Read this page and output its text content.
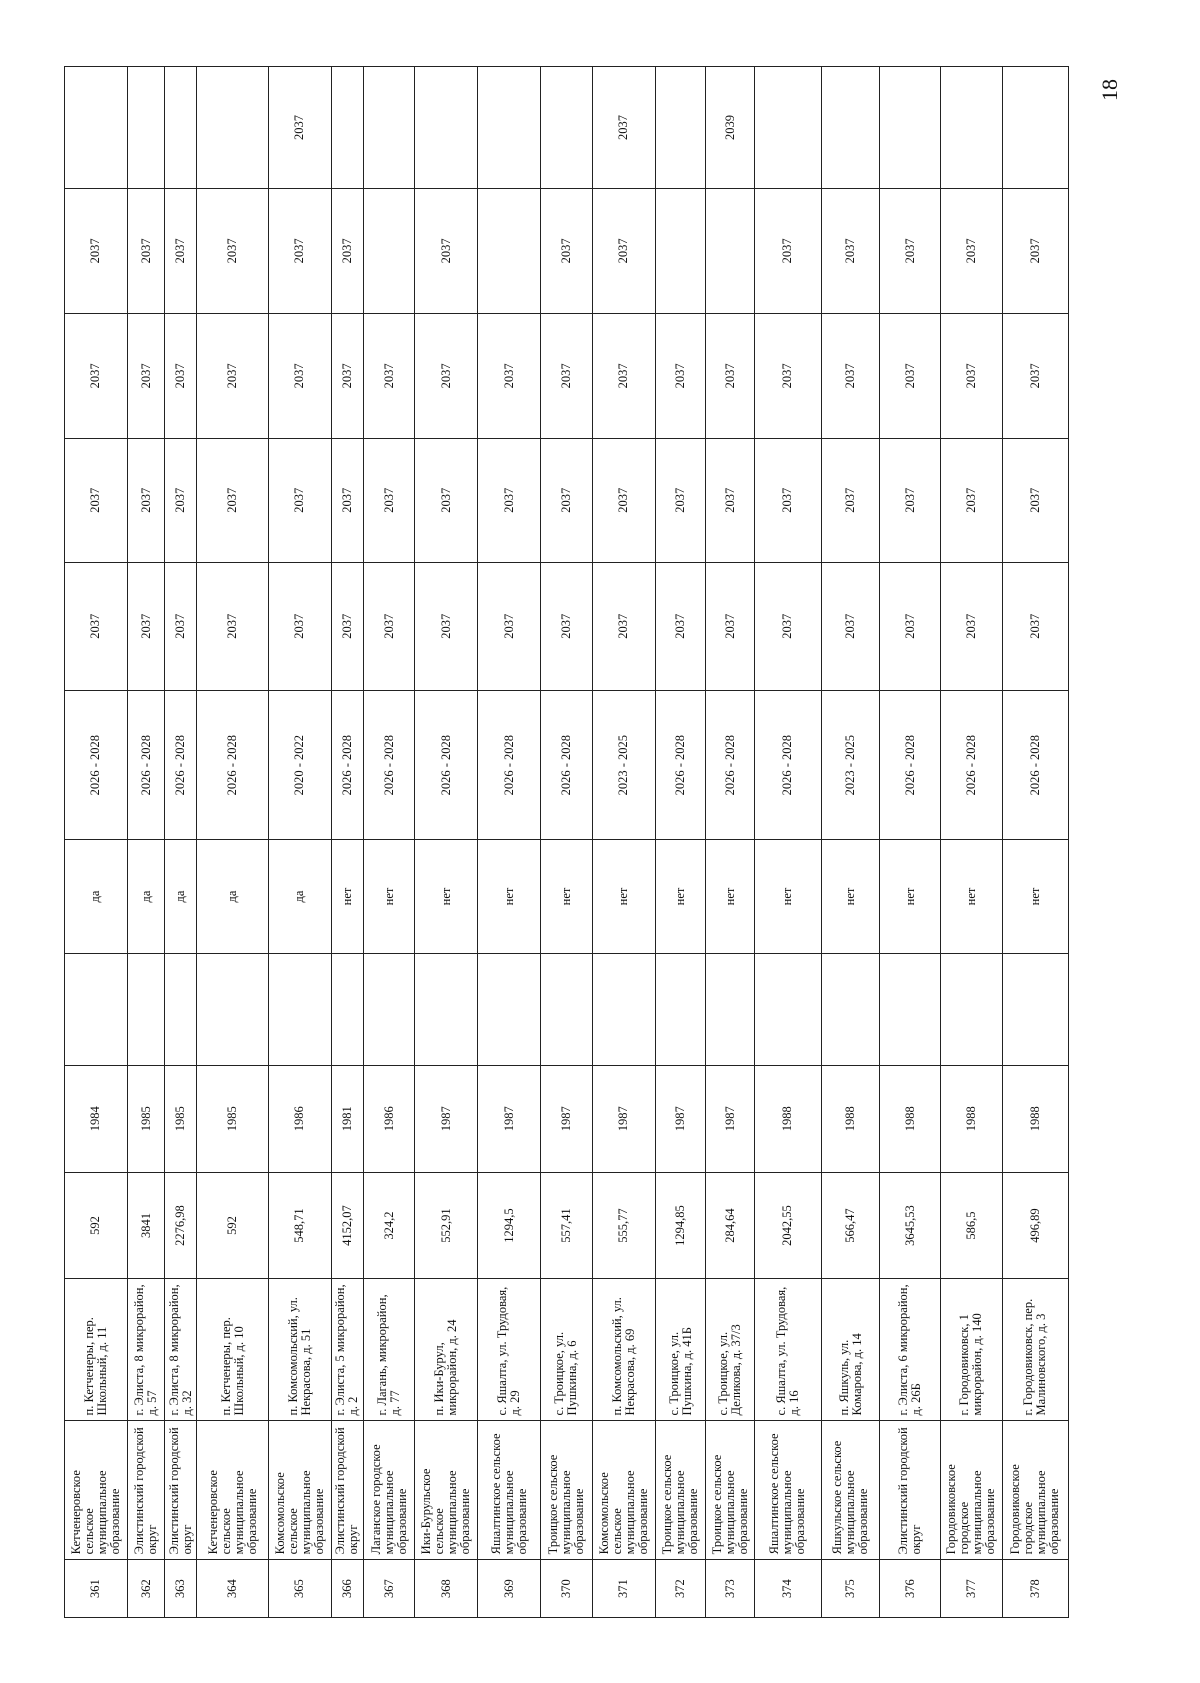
18
361	Кетченеровское сельское муниципальное образование	п. Кетченеры, пер. Школьный, д. 11	592	1984		да	2026 - 2028	2037	2037	2037	2037	
362	Элистинский городской округ	г. Элиста, 8 микрорайон, д. 57	3841	1985		да	2026 - 2028	2037	2037	2037	2037	
363	Элистинский городской округ	г. Элиста, 8 микрорайон, д. 32	2276,98	1985		да	2026 - 2028	2037	2037	2037	2037	
364	Кетченеровское сельское муниципальное образование	п. Кетченеры, пер. Школьный, д. 10	592	1985		да	2026 - 2028	2037	2037	2037	2037	
365	Комсомольское сельское муниципальное образование	п. Комсомольский, ул. Некрасова, д. 51	548,71	1986		да	2020 - 2022	2037	2037	2037	2037	2037
366	Элистинский городской округ	г. Элиста, 5 микрорайон, д. 2	4152,07	1981		нет	2026 - 2028	2037	2037	2037	2037	
367	Лаганское городское муниципальное образование	г. Лагань, микрорайон, д. 77	324,2	1986		нет	2026 - 2028	2037	2037	2037		
368	Ики-Бурульское сельское муниципальное образование	п. Ики-Бурул, микрорайон, д. 24	552,91	1987		нет	2026 - 2028	2037	2037	2037	2037	
369	Яшалтинское сельское муниципальное образование	с. Яшалта, ул. Трудовая, д. 29	1294,5	1987		нет	2026 - 2028	2037	2037	2037		
370	Троицкое сельское муниципальное образование	с. Троицкое, ул. Пушкина, д. 6	557,41	1987		нет	2026 - 2028	2037	2037	2037	2037	
371	Комсомольское сельское муниципальное образование	п. Комсомольский, ул. Некрасова, д. 69	555,77	1987		нет	2023 - 2025	2037	2037	2037	2037	2037
372	Троицкое сельское муниципальное образование	с. Троицкое, ул. Пушкина, д. 41Б	1294,85	1987		нет	2026 - 2028	2037	2037	2037		
373	Троицкое сельское муниципальное образование	с. Троицкое, ул. Деликова, д. 37/3	284,64	1987		нет	2026 - 2028	2037	2037	2037		2039
374	Яшалтинское сельское муниципальное образование	с. Яшалта, ул. Трудовая, д. 16	2042,55	1988		нет	2026 - 2028	2037	2037	2037	2037	
375	Яшкульское сельское муниципальное образование	п. Яшкуль, ул. Комарова, д. 14	566,47	1988		нет	2023 - 2025	2037	2037	2037	2037	
376	Элистинский городской округ	г. Элиста, 6 микрорайон, д. 26Б	3645,53	1988		нет	2026 - 2028	2037	2037	2037	2037	
377	Городовиковское городское муниципальное образование	г. Городовиковск, 1 микрорайон, д. 140	586,5	1988		нет	2026 - 2028	2037	2037	2037	2037	
378	Городовиковское городское муниципальное образование	г. Городовиковск, пер. Малиновского, д. 3	496,89	1988		нет	2026 - 2028	2037	2037	2037	2037	
